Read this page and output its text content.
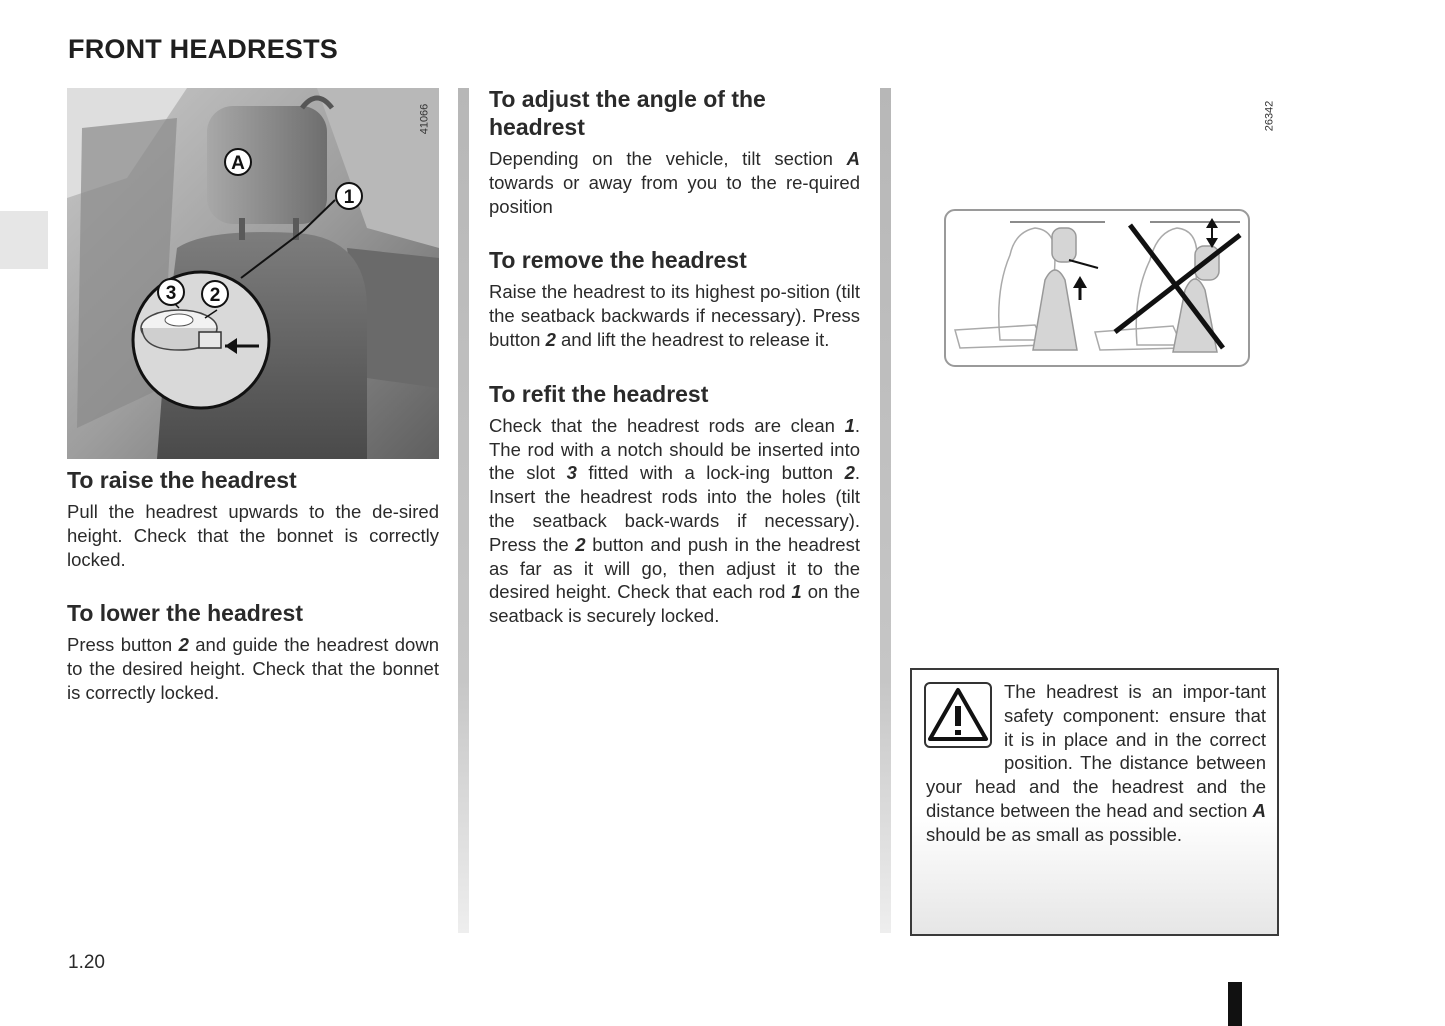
FRONT HEADRESTS
A
1
3 2
41066
To raise the headrest

Pull the headrest upwards to the de-sired height. Check that the bonnet is correctly locked.

To lower the headrest

Press button 2 and guide the headrest down to the desired height. Check that the bonnet is correctly locked.

To adjust the angle of the headrest

Depending on the vehicle, tilt section A towards or away from you to the re-quired position

To remove the headrest

Raise the headrest to its highest po-sition (tilt the seatback backwards if necessary). Press button 2 and lift the headrest to release it.

To refit the headrest

Check that the headrest rods are clean 1. The rod with a notch should be inserted into the slot 3 fitted with a lock-ing button 2. Insert the headrest rods into the holes (tilt the seatback back-wards if necessary). Press the 2 button and push in the headrest as far as it will go, then adjust it to the desired height. Check that each rod 1 on the seatback is securely locked.

26342
The headrest is an impor-tant safety component: ensure that it is in place and in the correct position. The distance between your head and the headrest and the distance between the head and section A should be as small as possible.
1.20
